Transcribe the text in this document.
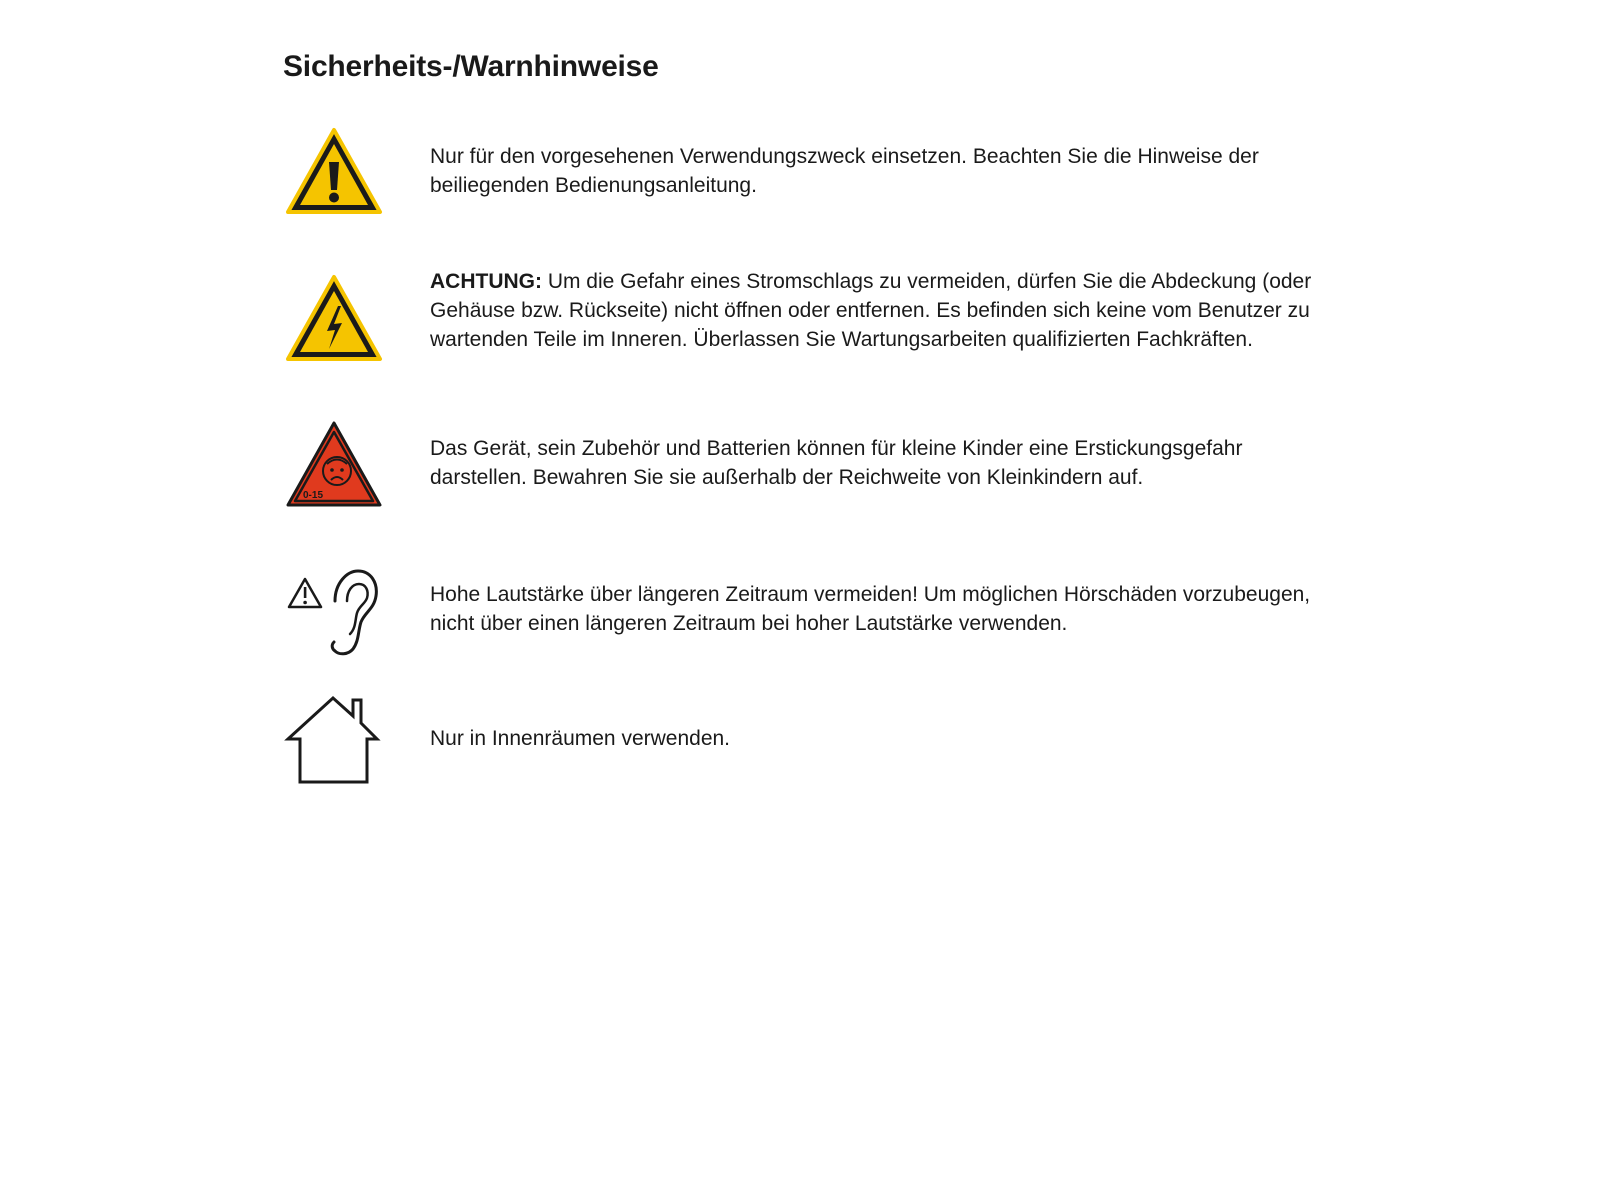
Sicherheits-/Warnhinweise

Nur für den vorgesehenen Verwendungszweck einsetzen. Beachten Sie die Hinweise der beiliegenden Bedienungsanleitung.

ACHTUNG: Um die Gefahr eines Stromschlags zu vermeiden, dürfen Sie die Abdeckung (oder Gehäuse bzw. Rückseite) nicht öffnen oder entfernen. Es befinden sich keine vom Benutzer zu wartenden Teile im Inneren. Überlassen Sie Wartungsarbeiten qualifizierten Fachkräften.

0-15

Das Gerät, sein Zubehör und Batterien können für kleine Kinder eine Erstickungsgefahr darstellen. Bewahren Sie sie außerhalb der Reichweite von Kleinkindern auf.

Hohe Lautstärke über längeren Zeitraum vermeiden! Um möglichen Hörschäden vorzubeugen, nicht über einen längeren Zeitraum bei hoher Lautstärke verwenden.

Nur in Innenräumen verwenden.
